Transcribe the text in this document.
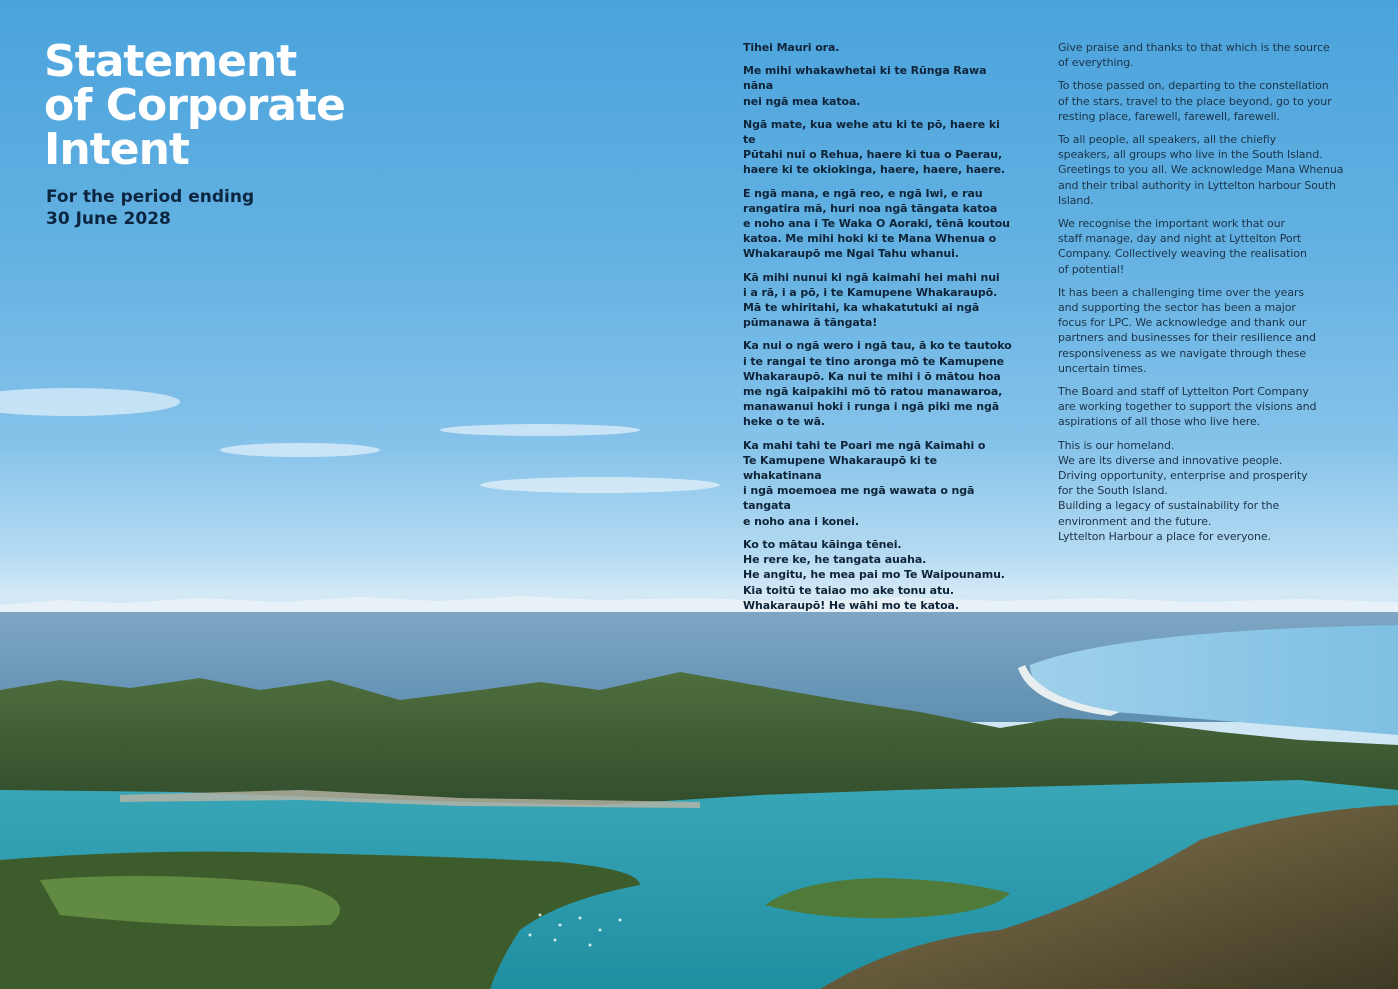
Statement
of Corporate
Intent
For the period ending
30 June 2028

Tihei Mauri ora.

Me mihi whakawhetai ki te Rūnga Rawa nāna
nei ngā mea katoa.

Ngā mate, kua wehe atu ki te pō, haere ki te
Pūtahi nui o Rehua, haere ki tua o Paerau,
haere ki te okiokinga, haere, haere, haere.

E ngā mana, e ngā reo, e ngā Iwi, e rau
rangatira mā, huri noa ngā tāngata katoa
e noho ana i Te Waka O Aoraki, tēnā koutou
katoa. Me mihi hoki ki te Mana Whenua o
Whakaraupō me Ngai Tahu whanui.

Kā mihi nunui ki ngā kaimahi hei mahi nui
i a rā, i a pō, i te Kamupene Whakaraupō.
Mā te whiritahi, ka whakatutuki ai ngā
pūmanawa ā tāngata!

Ka nui o ngā wero i ngā tau, ā ko te tautoko
i te rangai te tino aronga mō te Kamupene
Whakaraupō. Ka nui te mihi i ō mātou hoa
me ngā kaipakihi mō tō ratou manawaroa,
manawanui hoki i runga i ngā piki me ngā
heke o te wā.

Ka mahi tahi te Poari me ngā Kaimahi o
Te Kamupene Whakaraupō ki te whakatinana
i ngā moemoea me ngā wawata o ngā tangata
e noho ana i konei.

Ko to mātau kāinga tēnei.
He rere ke, he tangata auaha.
He angitu, he mea pai mo Te Waipounamu.
Kia toitū te taiao mo ake tonu atu.
Whakaraupō! He wāhi mo te katoa.

Give praise and thanks to that which is the source
of everything.

To those passed on, departing to the constellation
of the stars, travel to the place beyond, go to your
resting place, farewell, farewell, farewell.

To all people, all speakers, all the chiefly
speakers, all groups who live in the South Island.
Greetings to you all. We acknowledge Mana Whenua
and their tribal authority in Lyttelton harbour South
Island.

We recognise the important work that our
staff manage, day and night at Lyttelton Port
Company. Collectively weaving the realisation
of potential!

It has been a challenging time over the years
and supporting the sector has been a major
focus for LPC. We acknowledge and thank our
partners and businesses for their resilience and
responsiveness as we navigate through these
uncertain times.

The Board and staff of Lyttelton Port Company
are working together to support the visions and
aspirations of all those who live here.

This is our homeland.
We are its diverse and innovative people.
Driving opportunity, enterprise and prosperity
for the South Island.
Building a legacy of sustainability for the
environment and the future.
Lyttelton Harbour a place for everyone.
